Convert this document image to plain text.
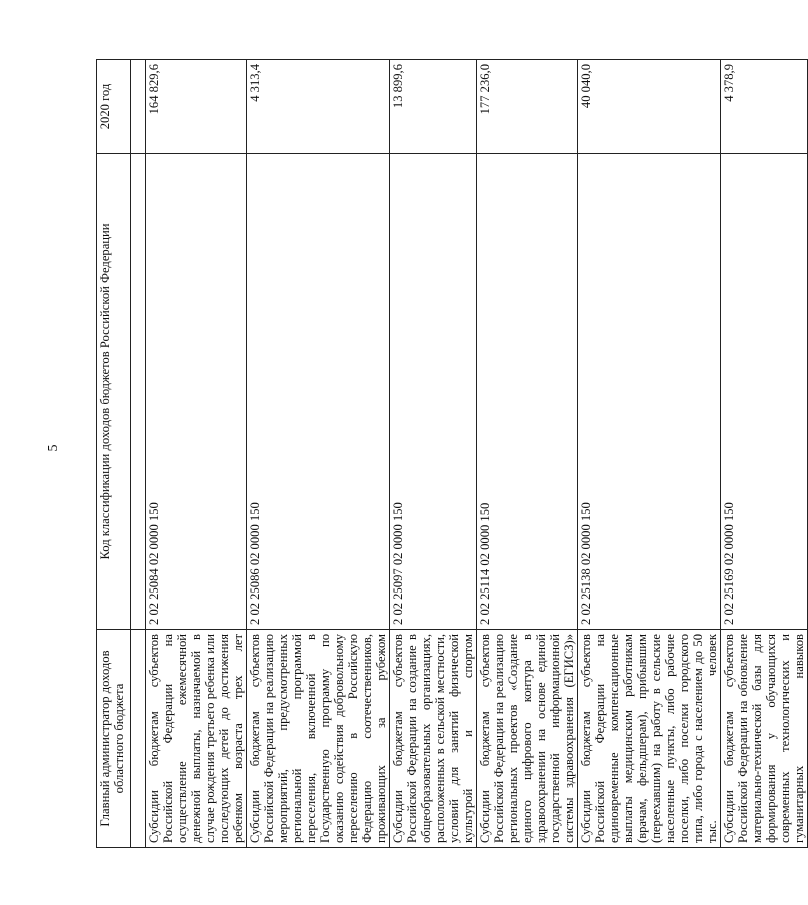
5
Главный администратор доходов областного бюджета	Код классификации доходов бюджетов Российской Федерации	2020 год

Субсидии бюджетам субъектов Российской Федерации на осуществление ежемесячной денежной выплаты, назначаемой в случае рождения третьего ребенка или последующих детей до достижения ребенком возраста трех лет	2 02 25084 02 0000 150	164 829,6
Субсидии бюджетам субъектов Российской Федерации на реализацию мероприятий, предусмотренных региональной программой переселения, включенной в Государственную программу по оказанию содействия добровольному переселению в Российскую Федерацию соотечественников, проживающих за рубежом	2 02 25086 02 0000 150	4 313,4
Субсидии бюджетам субъектов Российской Федерации на создание в общеобразовательных организациях, расположенных в сельской местности, условий для занятий физической культурой и спортом	2 02 25097 02 0000 150	13 899,6
Субсидии бюджетам субъектов Российской Федерации на реализацию региональных проектов «Создание единого цифрового контура в здравоохранении на основе единой государственной информационной системы здравоохранения (ЕГИСЗ)»	2 02 25114 02 0000 150	177 236,0
Субсидии бюджетам субъектов Российской Федерации на единовременные компенсационные выплаты медицинским работникам (врачам, фельдшерам), прибывшим (переехавшим) на работу в сельские населенные пункты, либо рабочие поселки, либо поселки городского типа, либо города с населением до 50 тыс. человек	2 02 25138 02 0000 150	40 040,0
Субсидии бюджетам субъектов Российской Федерации на обновление материально-технической базы для формирования у обучающихся современных технологических и гуманитарных навыков	2 02 25169 02 0000 150	4 378,9
